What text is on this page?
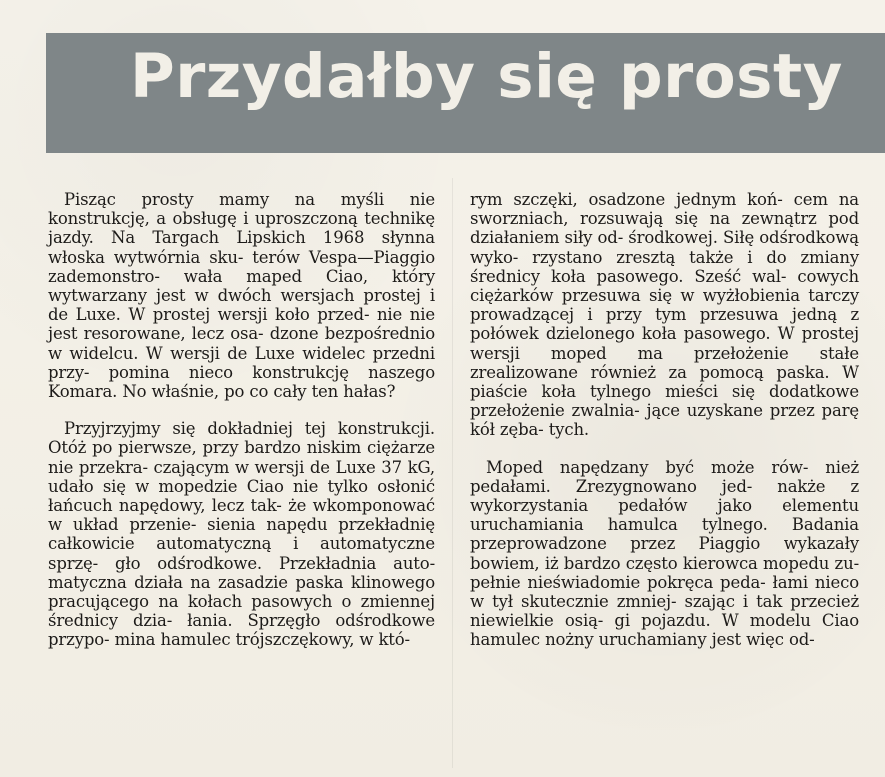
Przydałby się prosty

Pisząc prosty mamy na myśli nie konstrukcję, a obsługę i uproszczoną technikę jazdy. Na Targach Lipskich 1968 słynna włoska wytwórnia sku- terów Vespa—Piaggio zademonstro- wała maped Ciao, który wytwarzany jest w dwóch wersjach prostej i de Luxe. W prostej wersji koło przed- nie nie jest resorowane, lecz osa- dzone bezpośrednio w widelcu. W wersji de Luxe widelec przedni przy- pomina nieco konstrukcję naszego Komara. No właśnie, po co cały ten hałas?

Przyjrzyjmy się dokładniej tej konstrukcji. Otóż po pierwsze, przy bardzo niskim ciężarze nie przekra- czającym w wersji de Luxe 37 kG, udało się w mopedzie Ciao nie tylko osłonić łańcuch napędowy, lecz tak- że wkomponować w układ przenie- sienia napędu przekładnię całkowicie automatyczną i automatyczne sprzę- gło odśrodkowe. Przekładnia auto- matyczna działa na zasadzie paska klinowego pracującego na kołach pasowych o zmiennej średnicy dzia- łania. Sprzęgło odśrodkowe przypo- mina hamulec trójszczękowy, w któ-

rym szczęki, osadzone jednym koń- cem na sworzniach, rozsuwają się na zewnątrz pod działaniem siły od- środkowej. Siłę odśrodkową wyko- rzystano zresztą także i do zmiany średnicy koła pasowego. Sześć wal- cowych ciężarków przesuwa się w wyżłobienia tarczy prowadzącej i przy tym przesuwa jedną z połówek dzielonego koła pasowego. W prostej wersji moped ma przełożenie stałe zrealizowane również za pomocą paska. W piaście koła tylnego mieści się dodatkowe przełożenie zwalnia- jące uzyskane przez parę kół zęba- tych.

Moped napędzany być może rów- nież pedałami. Zrezygnowano jed- nakże z wykorzystania pedałów jako elementu uruchamiania hamulca tylnego. Badania przeprowadzone przez Piaggio wykazały bowiem, iż bardzo często kierowca mopedu zu- pełnie nieświadomie pokręca peda- łami nieco w tył skutecznie zmniej- szając i tak przecież niewielkie osią- gi pojazdu. W modelu Ciao hamulec nożny uruchamiany jest więc od-
